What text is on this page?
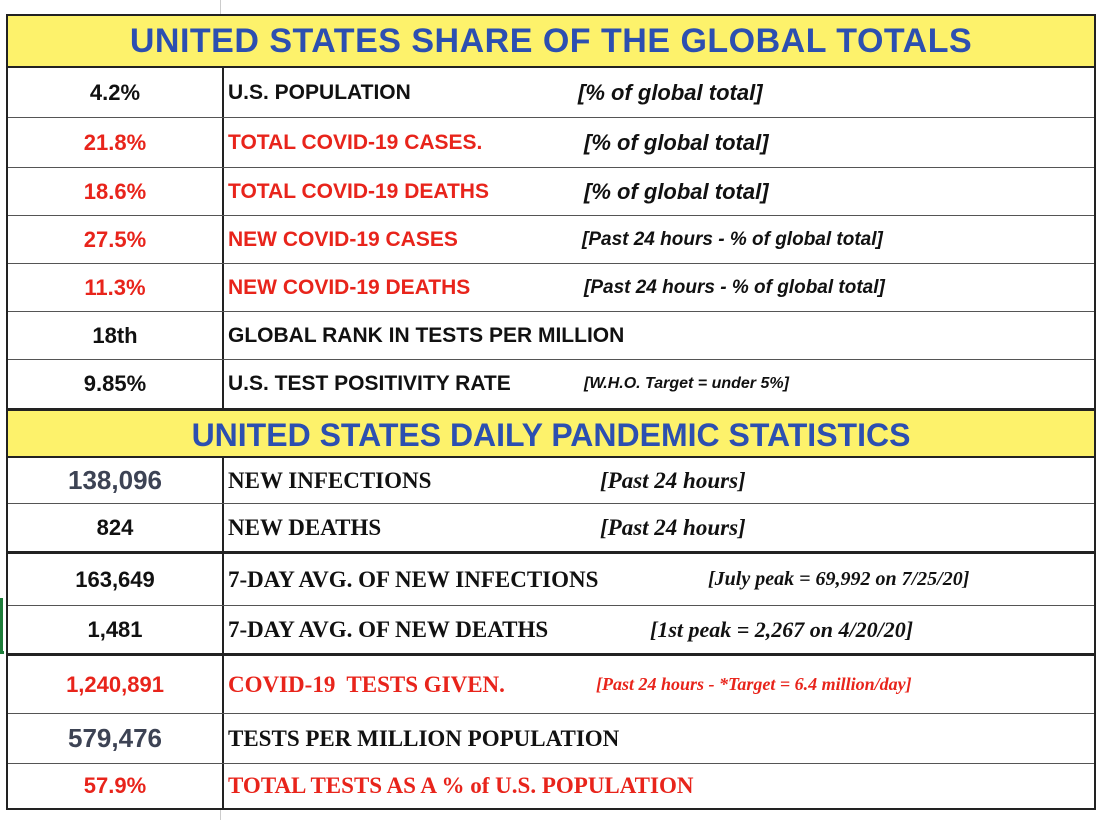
UNITED STATES SHARE OF THE GLOBAL TOTALS
4.2%	U.S. POPULATION	[% of global total]
21.8%	TOTAL COVID-19 CASES.	[% of global total]
18.6%	TOTAL COVID-19 DEATHS	[% of global total]
27.5%	NEW COVID-19 CASES	[Past 24 hours - % of global total]
11.3%	NEW COVID-19 DEATHS	[Past 24 hours - % of global total]
18th	GLOBAL RANK IN TESTS PER MILLION
9.85%	U.S. TEST POSITIVITY RATE	[W.H.O. Target = under 5%]
UNITED STATES DAILY PANDEMIC STATISTICS
138,096	NEW INFECTIONS	[Past 24 hours]
824	NEW DEATHS	[Past 24 hours]
163,649	7-DAY AVG. OF NEW INFECTIONS	[July peak = 69,992 on 7/25/20]
1,481	7-DAY AVG. OF NEW DEATHS	[1st peak = 2,267 on 4/20/20]
1,240,891	COVID-19  TESTS GIVEN.	[Past 24 hours - *Target = 6.4 million/day]
579,476	TESTS PER MILLION POPULATION
57.9%	TOTAL TESTS AS A % of U.S. POPULATION
